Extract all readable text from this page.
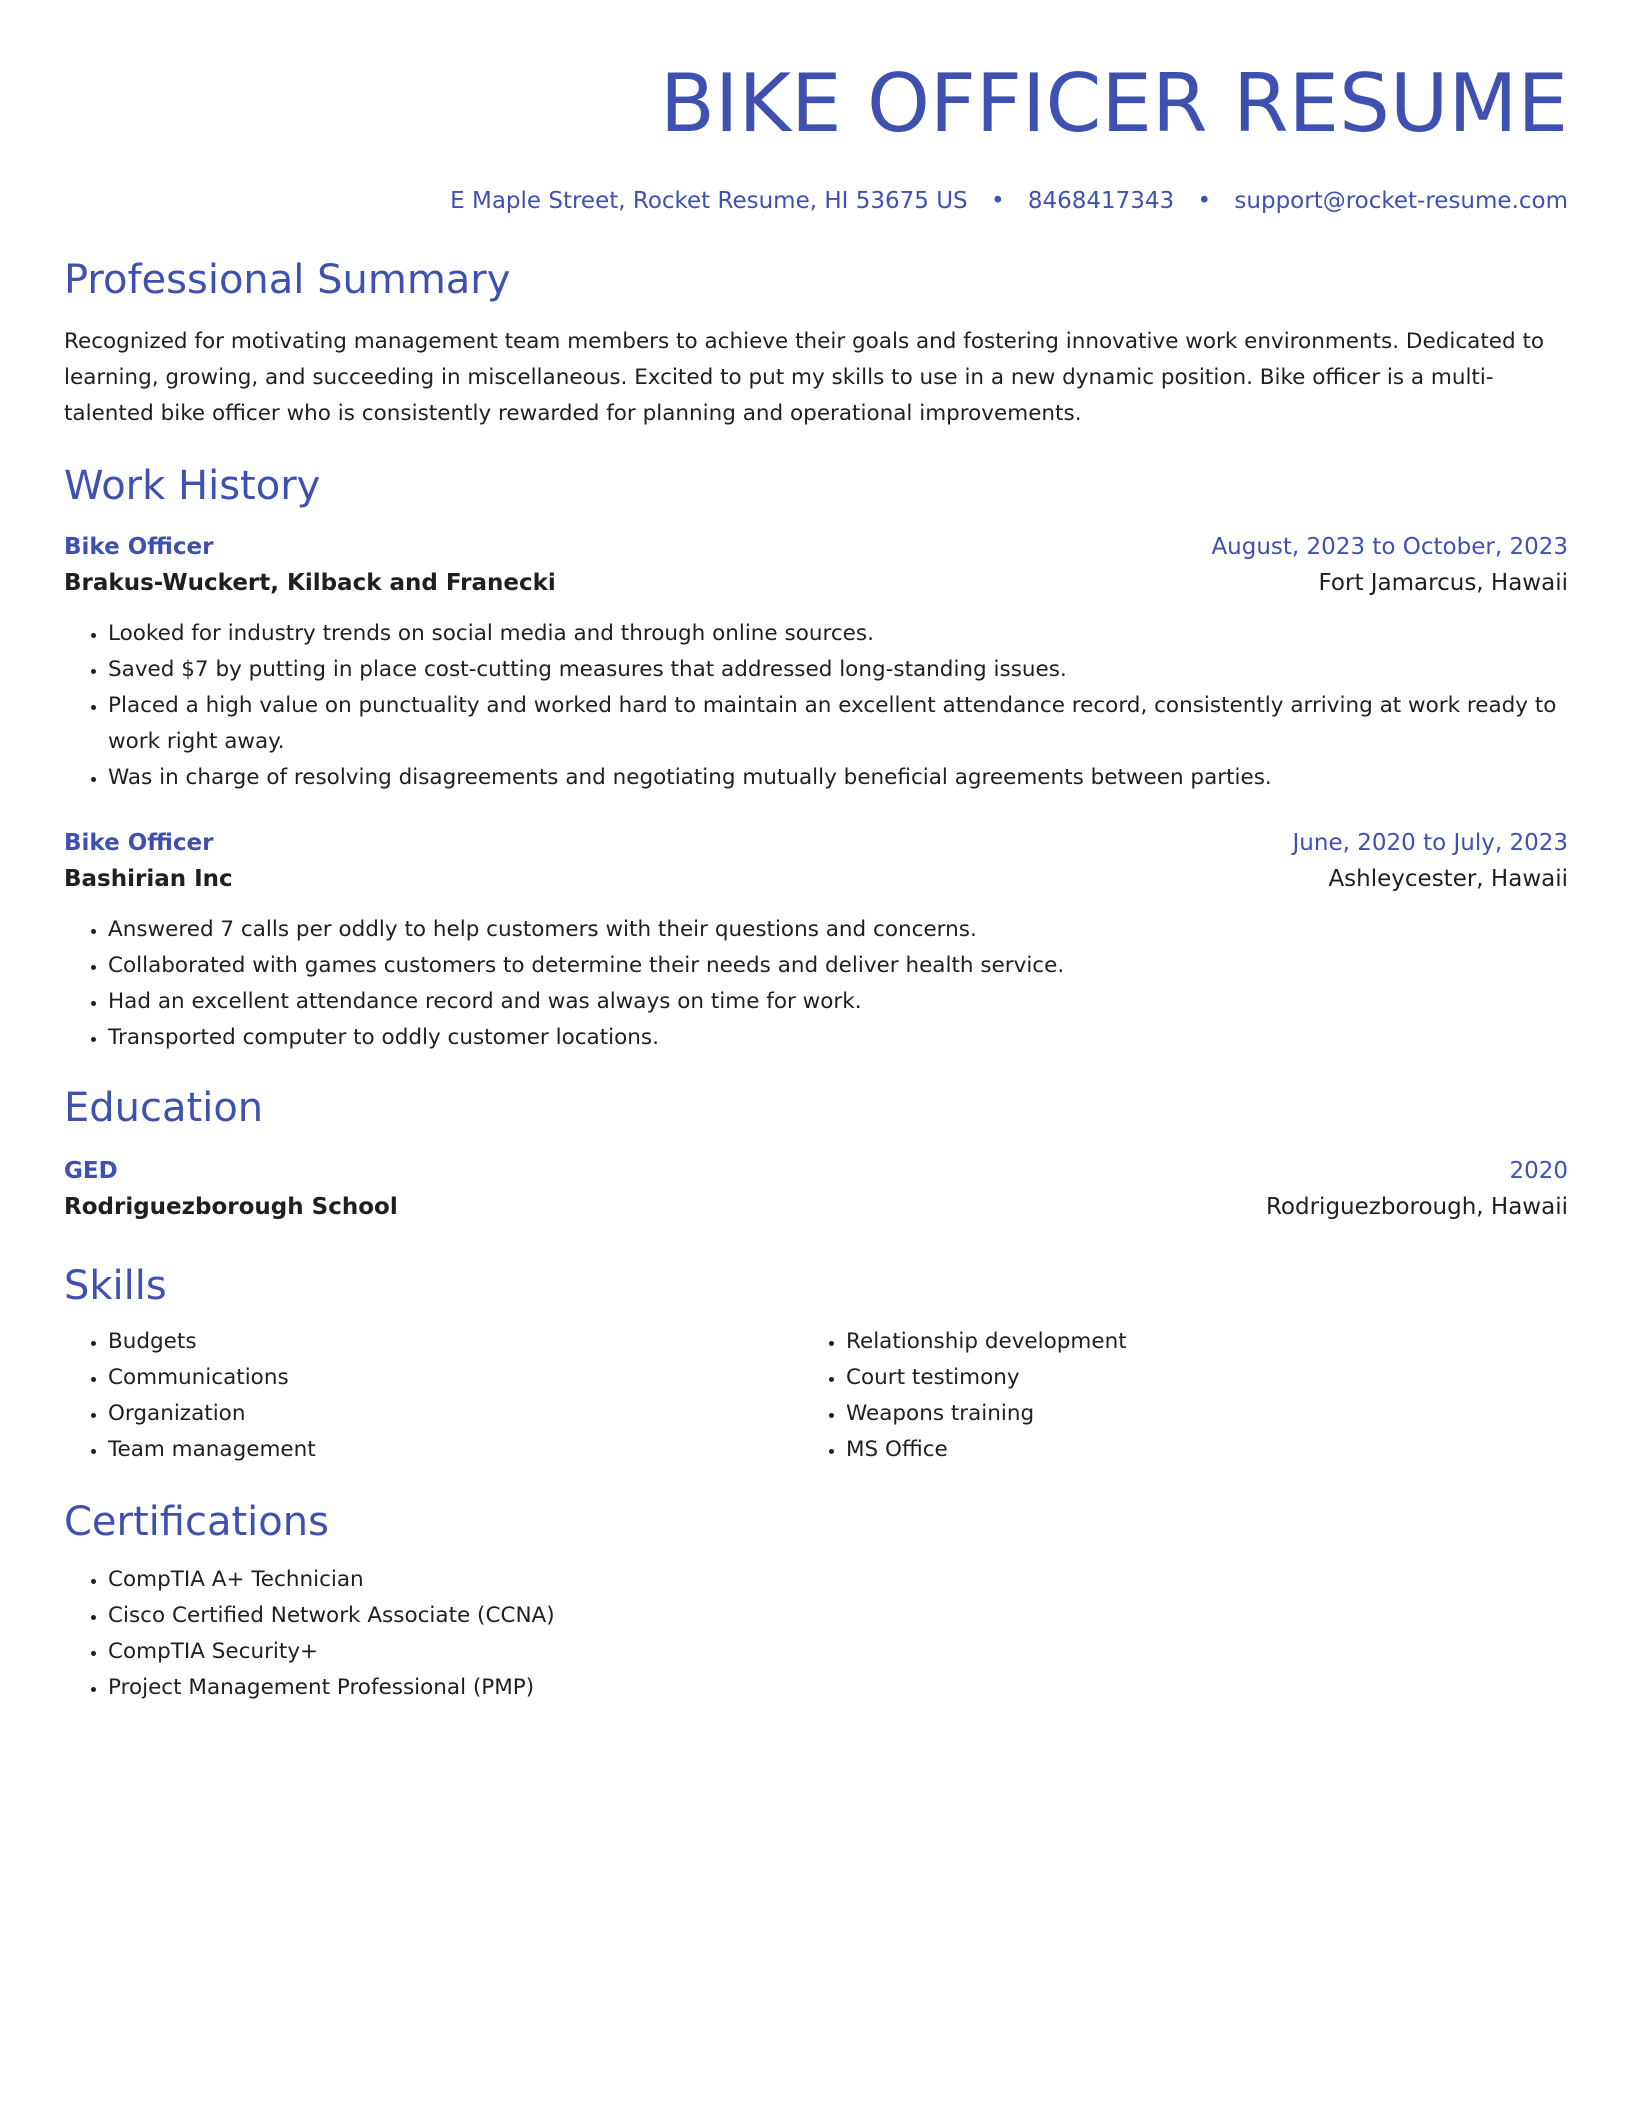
BIKE OFFICER RESUME
E Maple Street, Rocket Resume, HI 53675 US • 8468417343 • support@rocket-resume.com
Professional Summary

Recognized for motivating management team members to achieve their goals and fostering innovative work environments. Dedicated to learning, growing, and succeeding in miscellaneous. Excited to put my skills to use in a new dynamic position. Bike officer is a multi-talented bike officer who is consistently rewarded for planning and operational improvements.

Work History
Bike Officer	August, 2023 to October, 2023
Brakus-Wuckert, Kilback and Franecki	Fort Jamarcus, Hawaii
• Looked for industry trends on social media and through online sources.
• Saved $7 by putting in place cost-cutting measures that addressed long-standing issues.
• Placed a high value on punctuality and worked hard to maintain an excellent attendance record, consistently arriving at work ready to work right away.
• Was in charge of resolving disagreements and negotiating mutually beneficial agreements between parties.
Bike Officer	June, 2020 to July, 2023
Bashirian Inc	Ashleycester, Hawaii
• Answered 7 calls per oddly to help customers with their questions and concerns.
• Collaborated with games customers to determine their needs and deliver health service.
• Had an excellent attendance record and was always on time for work.
• Transported computer to oddly customer locations.
Education
GED	2020
Rodriguezborough School	Rodriguezborough, Hawaii
Skills
• Budgets
• Communications
• Organization
• Team management
• Relationship development
• Court testimony
• Weapons training
• MS Office
Certifications
• CompTIA A+ Technician
• Cisco Certified Network Associate (CCNA)
• CompTIA Security+
• Project Management Professional (PMP)
